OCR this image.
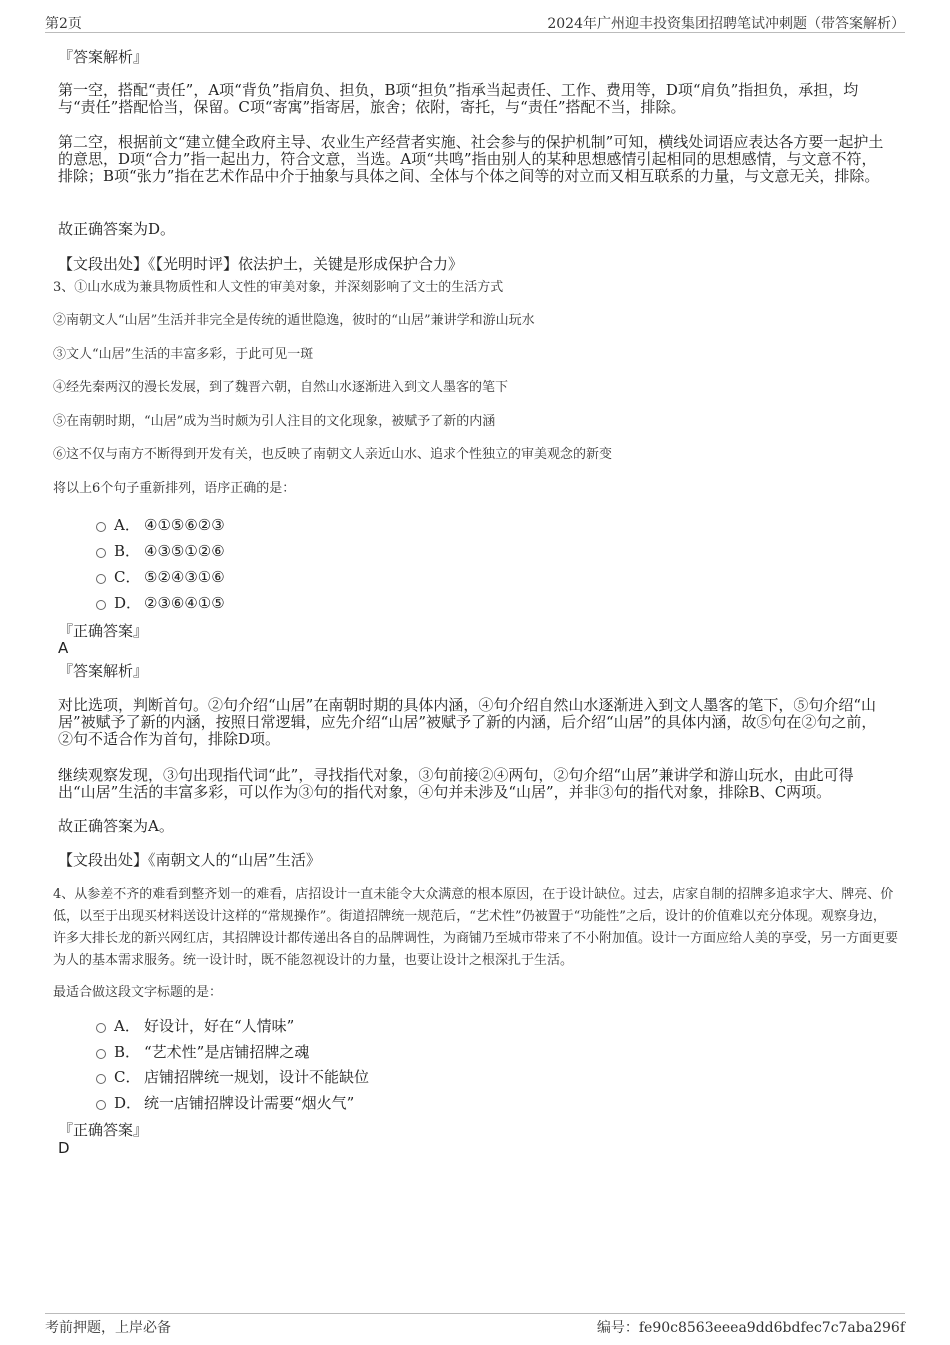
第2页	2024年广州迎丰投资集团招聘笔试冲刺题（带答案解析）
『答案解析』
第一空，搭配“责任”，A项“背负”指肩负、担负，B项“担负”指承当起责任、工作、费用等，D项“肩负”指担负，承担，均与“责任”搭配恰当，保留。C项“寄寓”指寄居，旅舍；依附，寄托，与“责任”搭配不当，排除。
第二空，根据前文“建立健全政府主导、农业生产经营者实施、社会参与的保护机制”可知，横线处词语应表达各方要一起护土的意思，D项“合力”指一起出力，符合文意，当选。A项“共鸣”指由别人的某种思想感情引起相同的思想感情，与文意不符，排除；B项“张力”指在艺术作品中介于抽象与具体之间、全体与个体之间等的对立而又相互联系的力量，与文意无关，排除。
故正确答案为D。
【文段出处】《【光明时评】依法护土，关键是形成保护合力》
3、①山水成为兼具物质性和人文性的审美对象，并深刻影响了文士的生活方式
②南朝文人“山居”生活并非完全是传统的遁世隐逸，彼时的“山居”兼讲学和游山玩水
③文人“山居”生活的丰富多彩，于此可见一斑
④经先秦两汉的漫长发展，到了魏晋六朝，自然山水逐渐进入到文人墨客的笔下
⑤在南朝时期，“山居”成为当时颇为引人注目的文化现象，被赋予了新的内涵
⑥这不仅与南方不断得到开发有关，也反映了南朝文人亲近山水、追求个性独立的审美观念的新变
将以上6个句子重新排列，语序正确的是：
A． ④①⑤⑥②③
B． ④③⑤①②⑥
C． ⑤②④③①⑥
D． ②③⑥④①⑤
『正确答案』
A
『答案解析』
对比选项，判断首句。②句介绍“山居”在南朝时期的具体内涵，④句介绍自然山水逐渐进入到文人墨客的笔下，⑤句介绍“山居”被赋予了新的内涵，按照日常逻辑，应先介绍“山居”被赋予了新的内涵，后介绍“山居”的具体内涵，故⑤句在②句之前，②句不适合作为首句，排除D项。
继续观察发现，③句出现指代词“此”，寻找指代对象，③句前接②④两句，②句介绍“山居”兼讲学和游山玩水，由此可得出“山居”生活的丰富多彩，可以作为③句的指代对象，④句并未涉及“山居”，并非③句的指代对象，排除B、C两项。
故正确答案为A。
【文段出处】《南朝文人的“山居”生活》
4、从参差不齐的难看到整齐划一的难看，店招设计一直未能令大众满意的根本原因，在于设计缺位。过去，店家自制的招牌多追求字大、牌亮、价低，以至于出现买材料送设计这样的“常规操作”。街道招牌统一规范后，“艺术性”仍被置于“功能性”之后，设计的价值难以充分体现。观察身边，许多大排长龙的新兴网红店，其招牌设计都传递出各自的品牌调性，为商铺乃至城市带来了不小附加值。设计一方面应给人美的享受，另一方面更要为人的基本需求服务。统一设计时，既不能忽视设计的力量，也要让设计之根深扎于生活。
最适合做这段文字标题的是：
A． 好设计，好在“人情味”
B． “艺术性”是店铺招牌之魂
C． 店铺招牌统一规划，设计不能缺位
D． 统一店铺招牌设计需要“烟火气”
『正确答案』
D
考前押题，上岸必备	编号：fe90c8563eeea9dd6bdfec7c7aba296f
